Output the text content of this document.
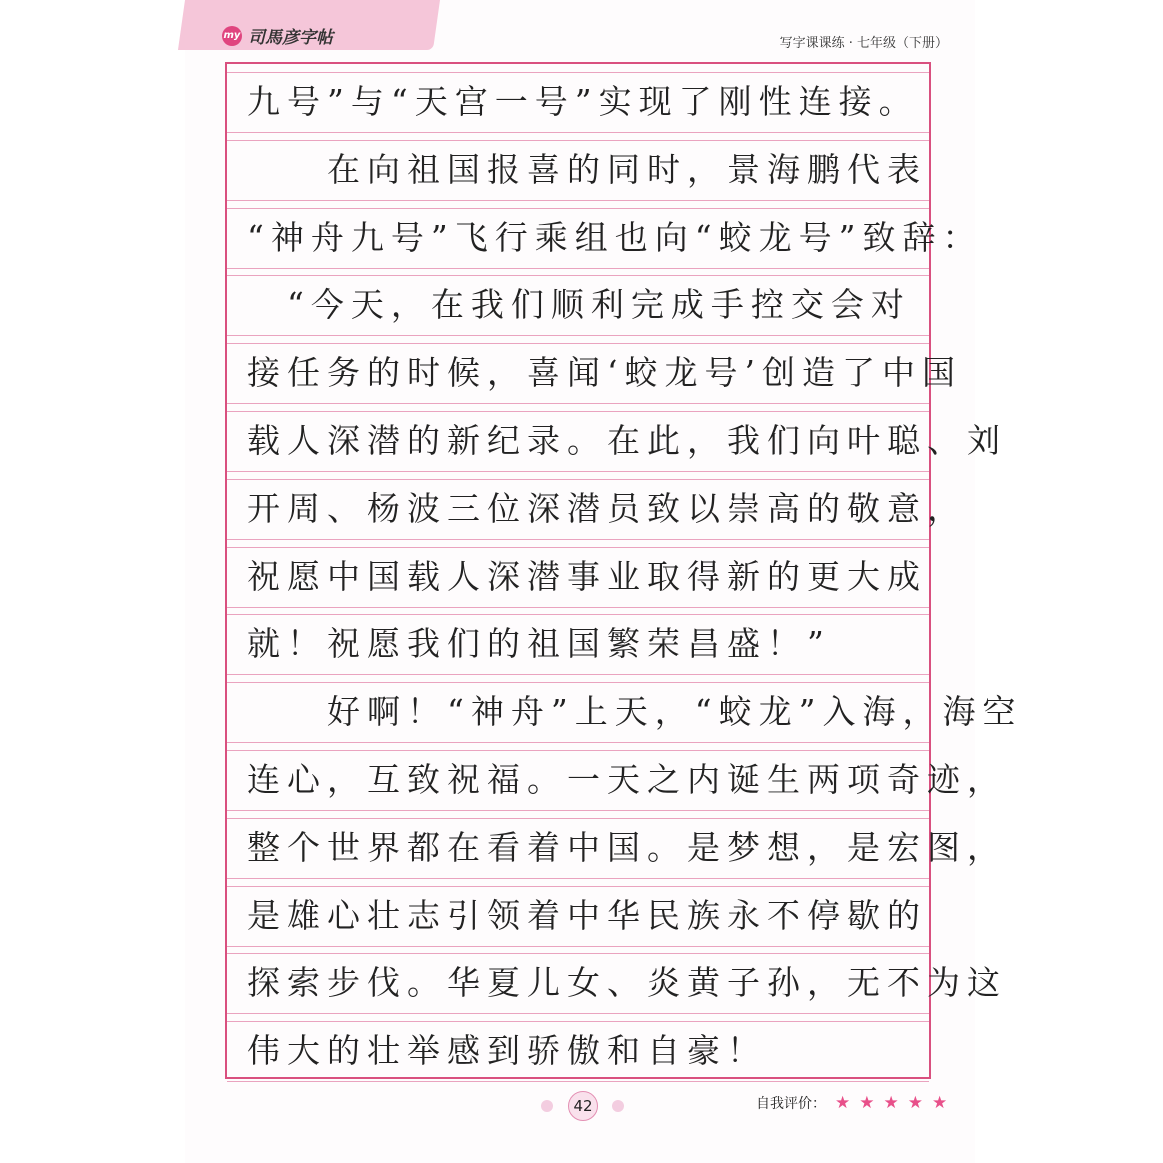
my 司馬彦字帖	写字课课练 · 七年级（下册）
九号”与“天宫一号”实现了刚性连接。
　　在向祖国报喜的同时，景海鹏代表
“神舟九号”飞行乘组也向“蛟龙号”致辞：
　“今天，在我们顺利完成手控交会对
接任务的时候，喜闻‘蛟龙号’创造了中国
载人深潜的新纪录。在此，我们向叶聪、刘
开周、杨波三位深潜员致以崇高的敬意，
祝愿中国载人深潜事业取得新的更大成
就！祝愿我们的祖国繁荣昌盛！”
　　好啊！“神舟”上天，“蛟龙”入海，海空
连心，互致祝福。一天之内诞生两项奇迹，
整个世界都在看着中国。是梦想，是宏图，
是雄心壮志引领着中华民族永不停歇的
探索步伐。华夏儿女、炎黄子孙，无不为这
伟大的壮举感到骄傲和自豪！
42	自我评价： ★ ★ ★ ★ ★
